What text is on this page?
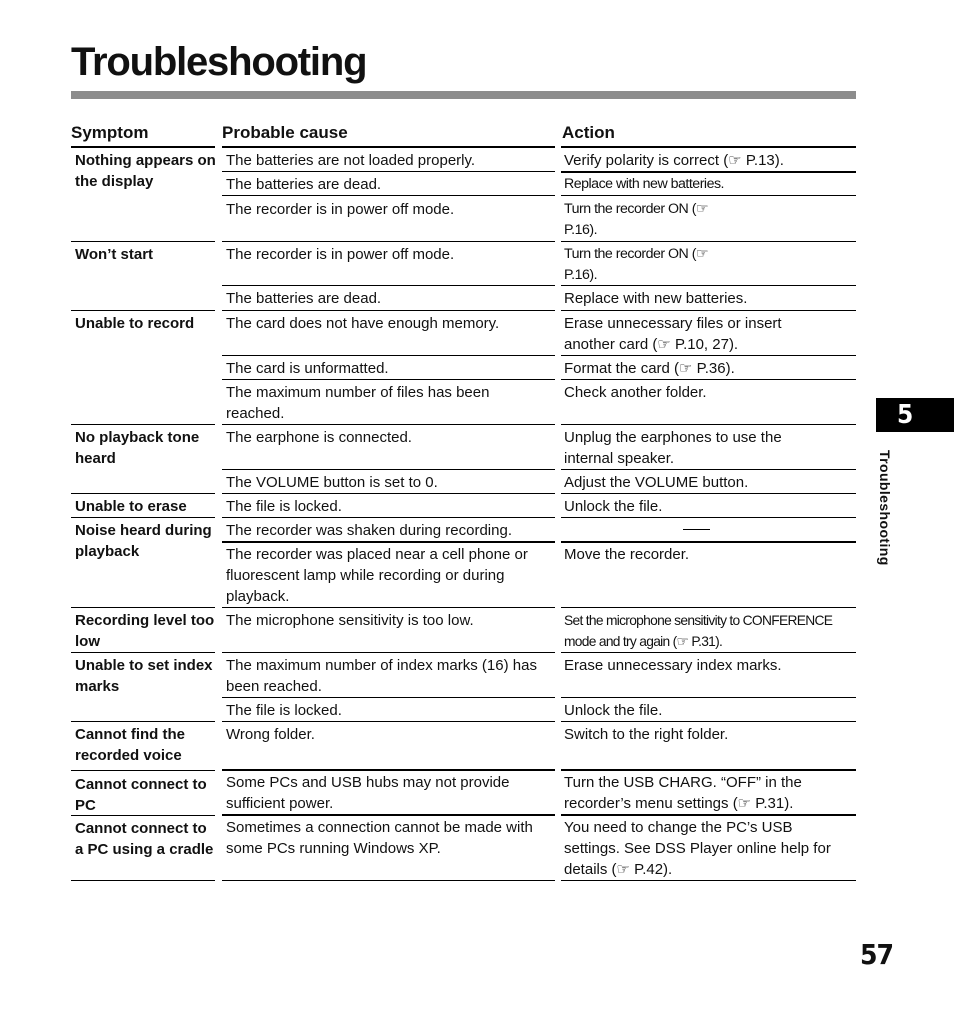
Troubleshooting
Symptom	Probable cause	Action
Nothing appears on the display
Won’t start
Unable to record
No playback tone heard
Unable to erase
Noise heard during playback
Recording level too low
Unable to set index marks
Cannot find the recorded voice
Cannot connect to PC
Cannot connect to a PC using a cradle
The batteries are not loaded properly.
The batteries are dead.
The recorder is in power off mode.
The recorder is in power off mode.
The batteries are dead.
The card does not have enough memory.
The card is unformatted.
The maximum number of files has been reached.
The earphone is connected.
The VOLUME button is set to 0.
The file is locked.
The recorder was shaken during recording.
The recorder was placed near a cell phone or fluorescent lamp while recording or during playback.
The microphone sensitivity is too low.
The maximum number of index marks (16) has been reached.
The file is locked.
Wrong folder.
Some PCs and USB hubs may not provide sufficient power.
Sometimes a connection cannot be made with some PCs running Windows XP.
Verify polarity is correct (☞ P.13).
Replace with new batteries.
Turn the recorder ON (☞ P.16).
Turn the recorder ON (☞ P.16).
Replace with new batteries.
Erase unnecessary files or insert another card (☞ P.10, 27).
Format the card (☞ P.36).
Check another folder.
Unplug the earphones to use the internal speaker.
Adjust the VOLUME button.
Unlock the file.
Move the recorder.
Set the microphone sensitivity to CONFERENCE mode and try again (☞ P.31).
Erase unnecessary index marks.
Unlock the file.
Switch to the right folder.
Turn the USB CHARG. “OFF” in the recorder’s menu settings (☞ P.31).
You need to change the PC’s USB settings. See DSS Player online help for details (☞ P.42).
5
Troubleshooting
57
